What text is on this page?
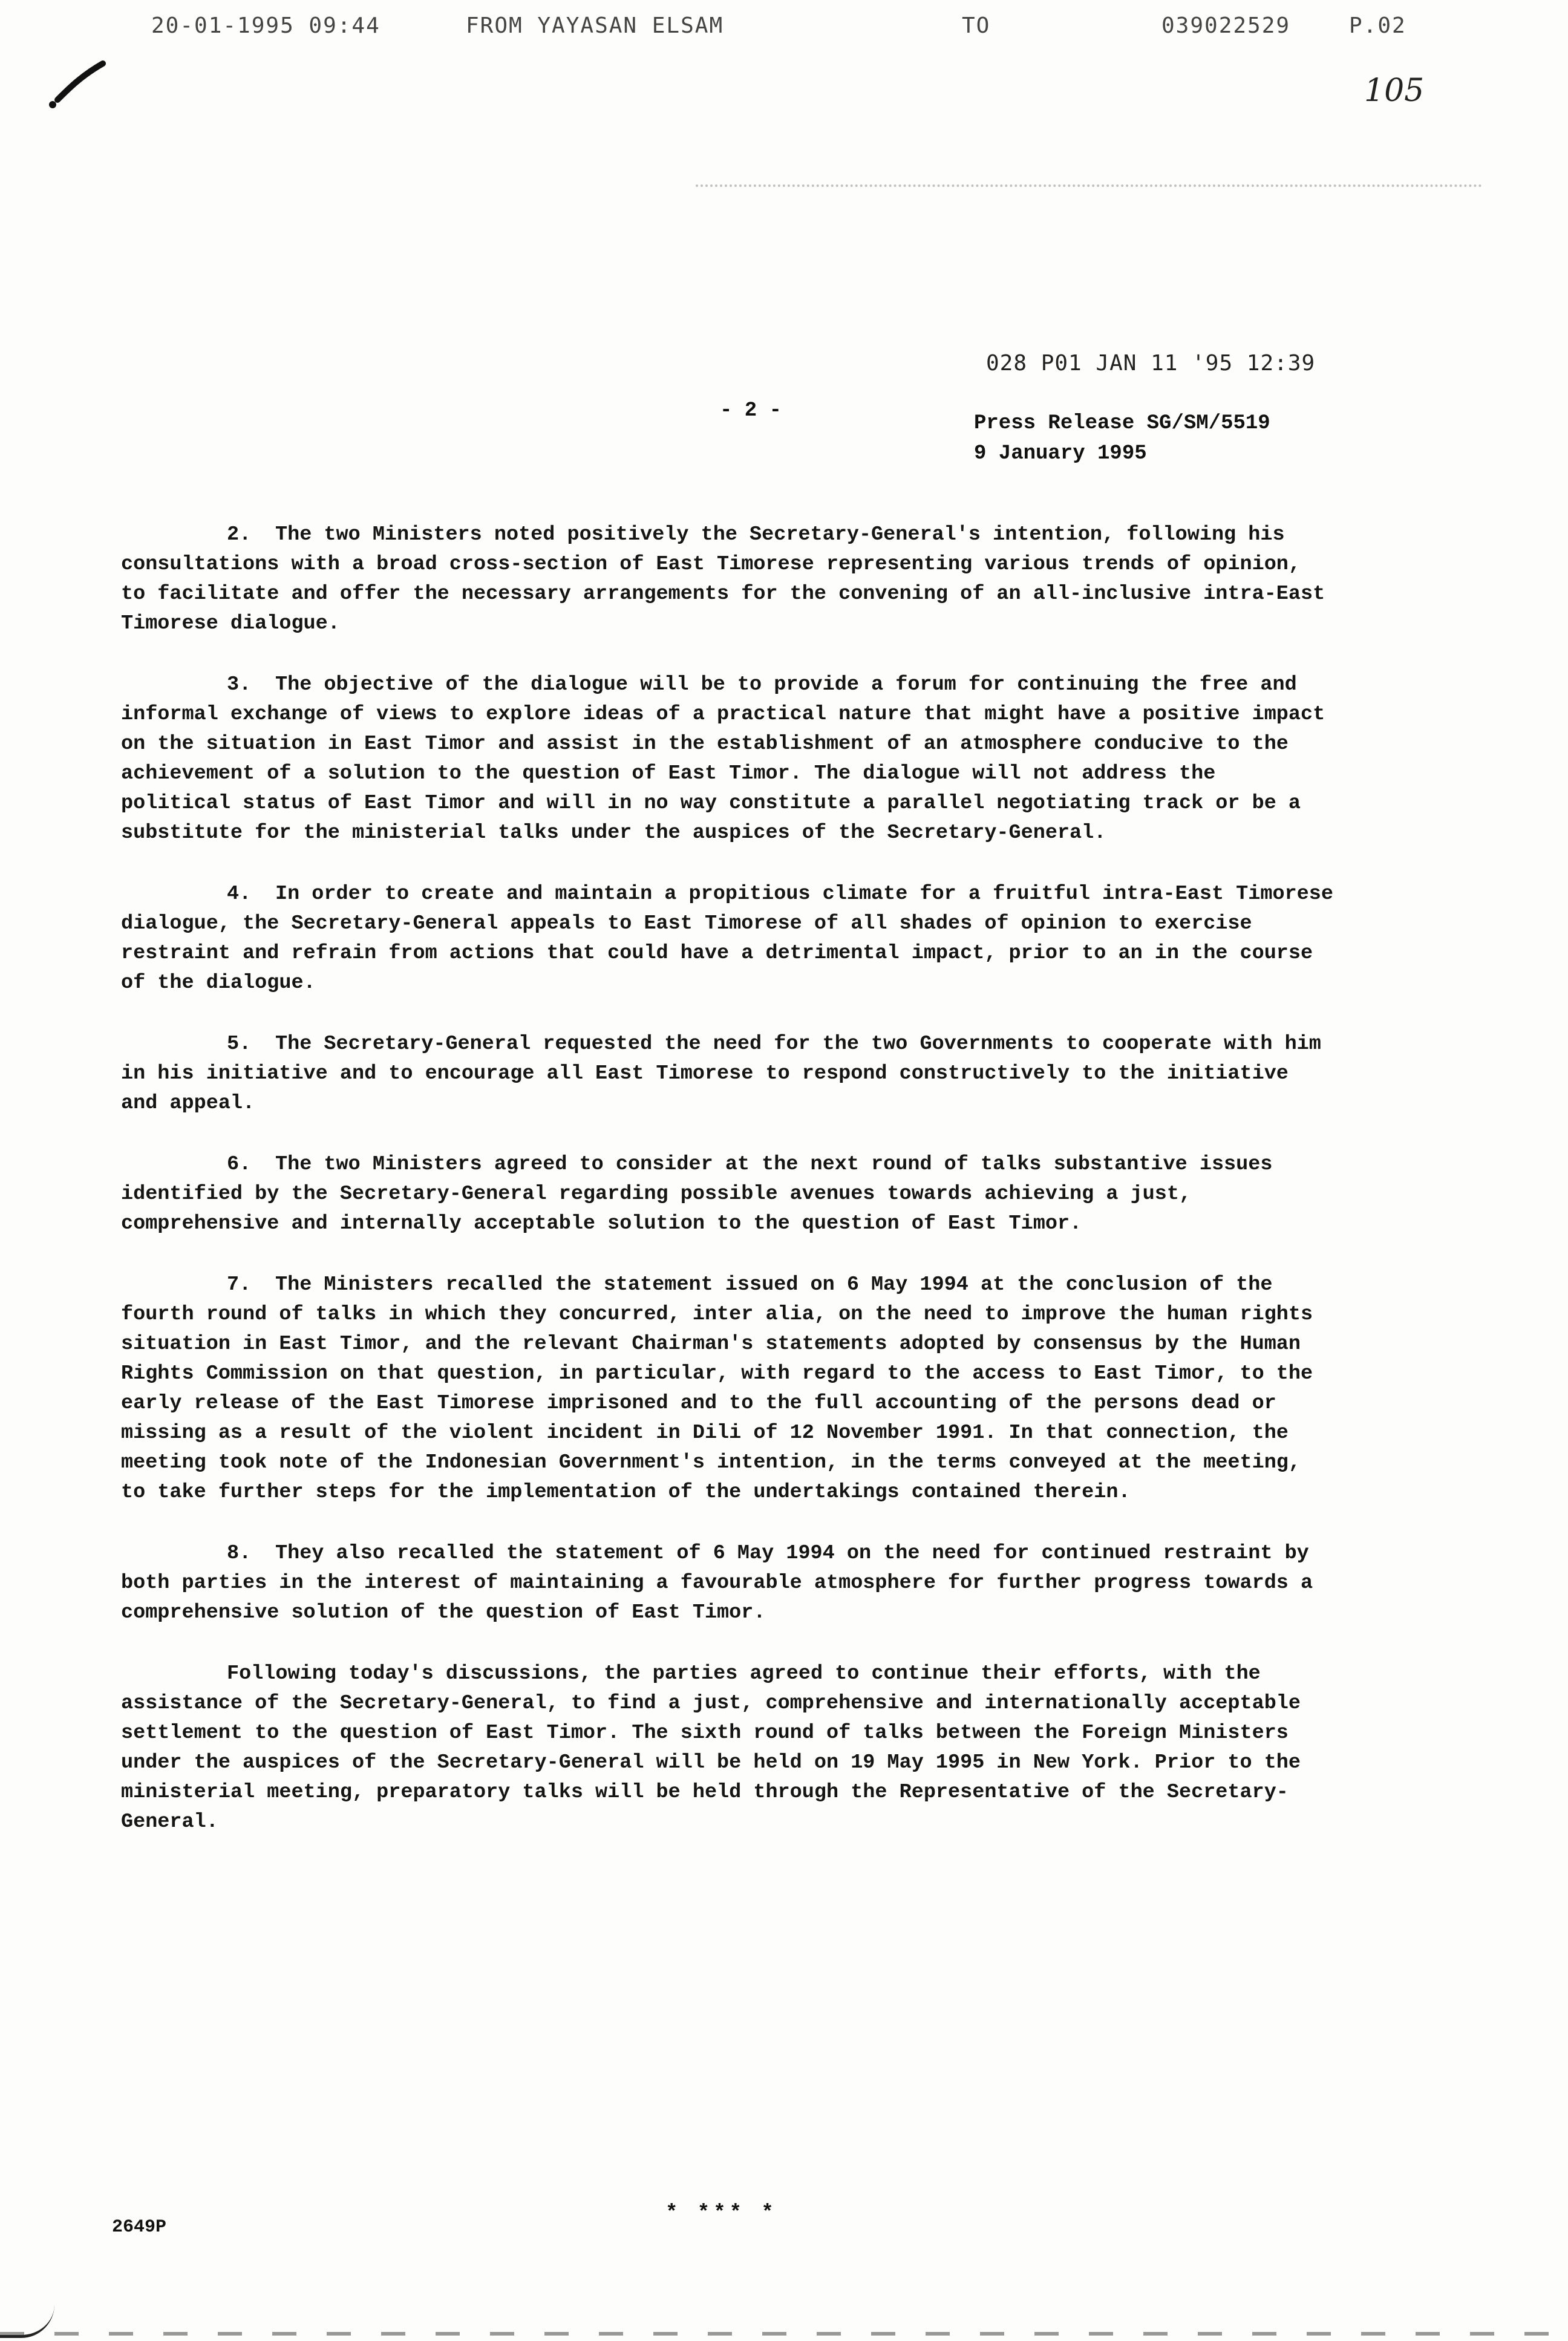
20-01-1995 09:44	FROM YAYASAN ELSAM	TO	039022529	P.02
105
028 P01 JAN 11 '95 12:39
- 2 -
Press Release SG/SM/5519
9 January 1995

2. The two Ministers noted positively the Secretary-General's intention, following his consultations with a broad cross-section of East Timorese representing various trends of opinion, to facilitate and offer the necessary arrangements for the convening of an all-inclusive intra-East Timorese dialogue.

3. The objective of the dialogue will be to provide a forum for continuing the free and informal exchange of views to explore ideas of a practical nature that might have a positive impact on the situation in East Timor and assist in the establishment of an atmosphere conducive to the achievement of a solution to the question of East Timor. The dialogue will not address the political status of East Timor and will in no way constitute a parallel negotiating track or be a substitute for the ministerial talks under the auspices of the Secretary-General.

4. In order to create and maintain a propitious climate for a fruitful intra-East Timorese dialogue, the Secretary-General appeals to East Timorese of all shades of opinion to exercise restraint and refrain from actions that could have a detrimental impact, prior to an in the course of the dialogue.

5. The Secretary-General requested the need for the two Governments to cooperate with him in his initiative and to encourage all East Timorese to respond constructively to the initiative and appeal.

6. The two Ministers agreed to consider at the next round of talks substantive issues identified by the Secretary-General regarding possible avenues towards achieving a just, comprehensive and internally acceptable solution to the question of East Timor.

7. The Ministers recalled the statement issued on 6 May 1994 at the conclusion of the fourth round of talks in which they concurred, inter alia, on the need to improve the human rights situation in East Timor, and the relevant Chairman's statements adopted by consensus by the Human Rights Commission on that question, in particular, with regard to the access to East Timor, to the early release of the East Timorese imprisoned and to the full accounting of the persons dead or missing as a result of the violent incident in Dili of 12 November 1991. In that connection, the meeting took note of the Indonesian Government's intention, in the terms conveyed at the meeting, to take further steps for the implementation of the undertakings contained therein.

8. They also recalled the statement of 6 May 1994 on the need for continued restraint by both parties in the interest of maintaining a favourable atmosphere for further progress towards a comprehensive solution of the question of East Timor.

Following today's discussions, the parties agreed to continue their efforts, with the assistance of the Secretary-General, to find a just, comprehensive and internationally acceptable settlement to the question of East Timor. The sixth round of talks between the Foreign Ministers under the auspices of the Secretary-General will be held on 19 May 1995 in New York. Prior to the ministerial meeting, preparatory talks will be held through the Representative of the Secretary-General.

* *** *
2649P
